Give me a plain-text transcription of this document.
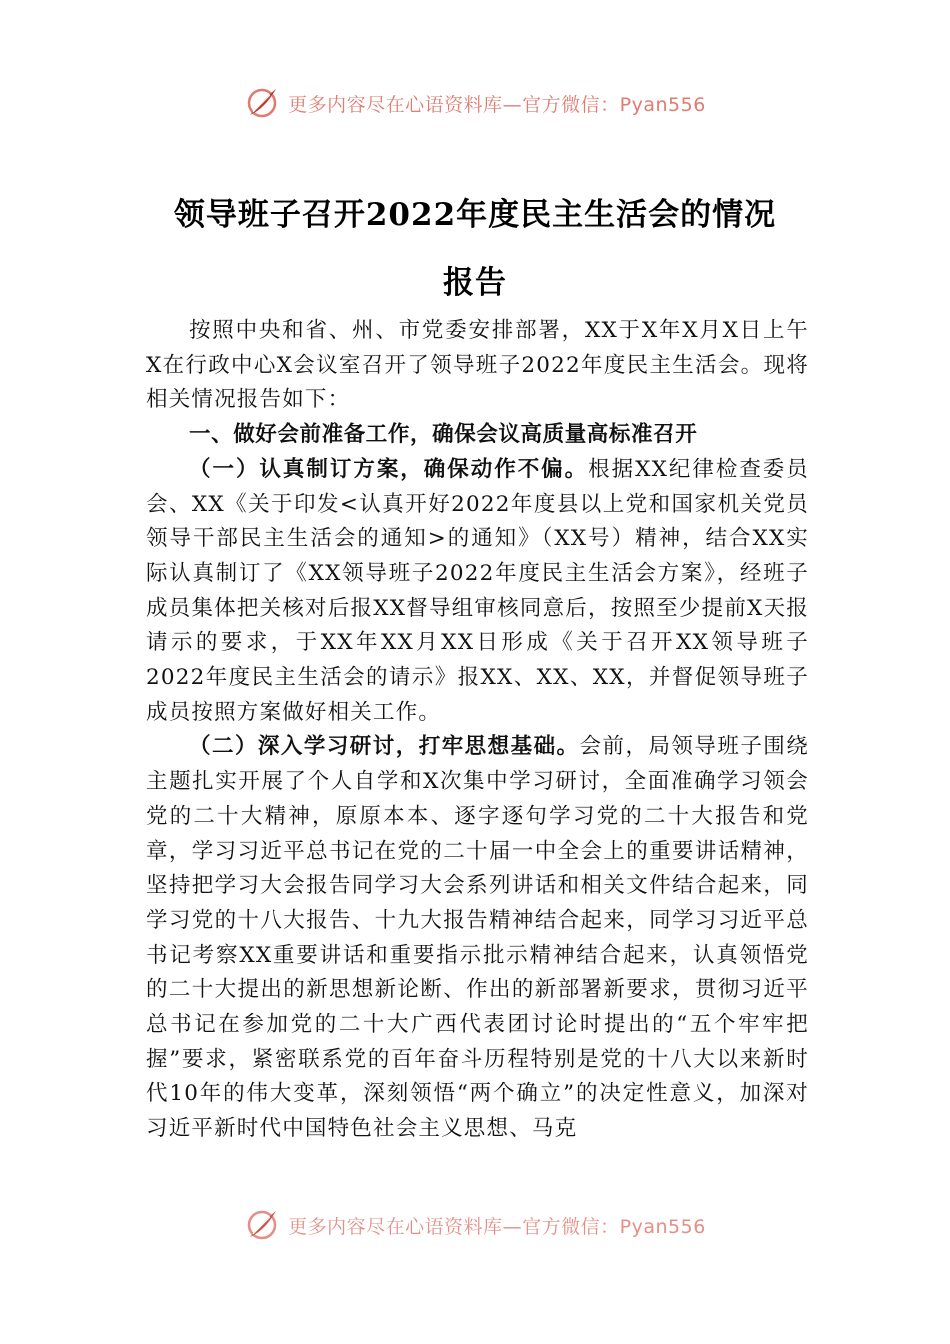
更多内容尽在心语资料库—官方微信：Pyan556
领导班子召开2022年度民主生活会的情况
报告

按照中央和省、州、市党委安排部署，XX于X年X月X日上午X在行政中心X会议室召开了领导班子2022年度民主生活会。现将相关情况报告如下：

一、做好会前准备工作，确保会议高质量高标准召开

（一）认真制订方案，确保动作不偏。根据XX纪律检查委员会、XX《关于印发<认真开好2022年度县以上党和国家机关党员领导干部民主生活会的通知>的通知》（XX号）精神，结合XX实际认真制订了《XX领导班子2022年度民主生活会方案》，经班子成员集体把关核对后报XX督导组审核同意后，按照至少提前X天报请示的要求，于XX年XX月XX日形成《关于召开XX领导班子2022年度民主生活会的请示》报XX、XX、XX，并督促领导班子成员按照方案做好相关工作。

（二）深入学习研讨，打牢思想基础。会前，局领导班子围绕主题扎实开展了个人自学和X次集中学习研讨，全面准确学习领会党的二十大精神，原原本本、逐字逐句学习党的二十大报告和党章，学习习近平总书记在党的二十届一中全会上的重要讲话精神，坚持把学习大会报告同学习大会系列讲话和相关文件结合起来，同学习党的十八大报告、十九大报告精神结合起来，同学习习近平总书记考察XX重要讲话和重要指示批示精神结合起来，认真领悟党的二十大提出的新思想新论断、作出的新部署新要求，贯彻习近平总书记在参加党的二十大广西代表团讨论时提出的“五个牢牢把握”要求，紧密联系党的百年奋斗历程特别是党的十八大以来新时代10年的伟大变革，深刻领悟“两个确立”的决定性意义，加深对习近平新时代中国特色社会主义思想、马克

更多内容尽在心语资料库—官方微信：Pyan556
